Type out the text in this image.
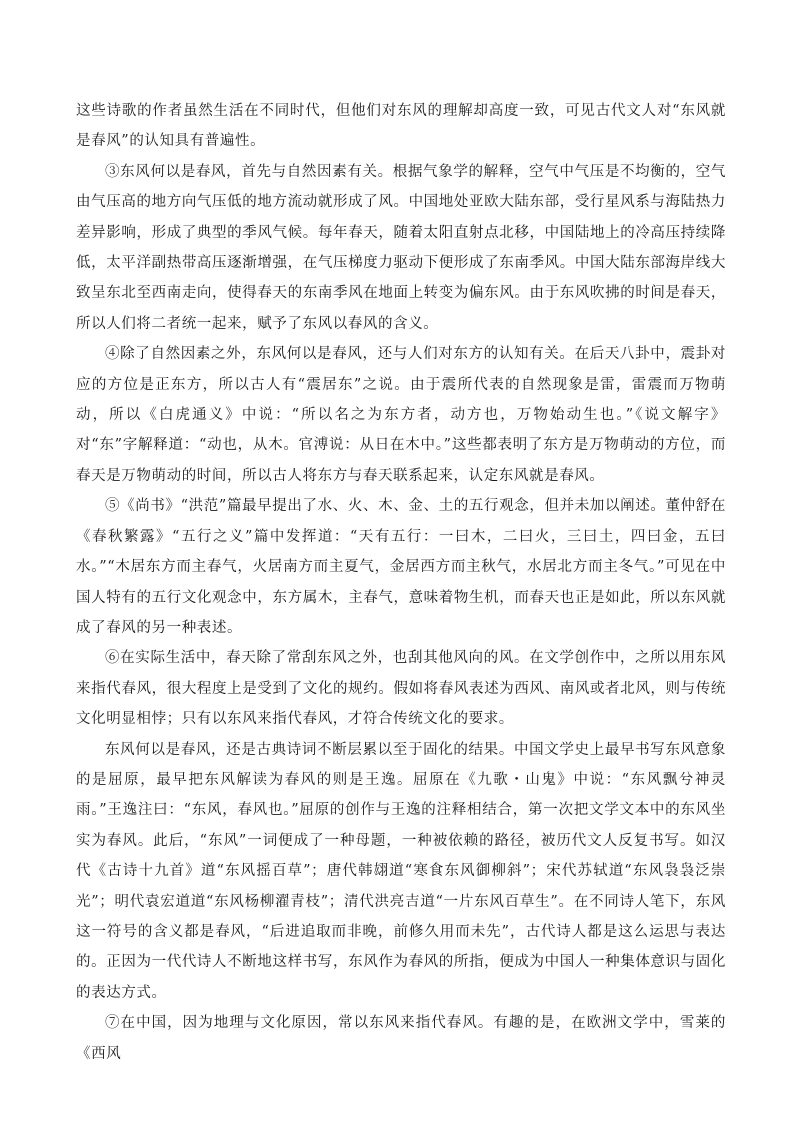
这些诗歌的作者虽然生活在不同时代，但他们对东风的理解却高度一致，可见古代文人对“东风就是春风”的认知具有普遍性。

③东风何以是春风，首先与自然因素有关。根据气象学的解释，空气中气压是不均衡的，空气由气压高的地方向气压低的地方流动就形成了风。中国地处亚欧大陆东部，受行星风系与海陆热力差异影响，形成了典型的季风气候。每年春天，随着太阳直射点北移，中国陆地上的冷高压持续降低，太平洋副热带高压逐渐增强，在气压梯度力驱动下便形成了东南季风。中国大陆东部海岸线大致呈东北至西南走向，使得春天的东南季风在地面上转变为偏东风。由于东风吹拂的时间是春天，所以人们将二者统一起来，赋予了东风以春风的含义。

④除了自然因素之外，东风何以是春风，还与人们对东方的认知有关。在后天八卦中，震卦对应的方位是正东方，所以古人有“震居东”之说。由于震所代表的自然现象是雷，雷震而万物萌动，所以《白虎通义》中说：“所以名之为东方者，动方也，万物始动生也。”《说文解字》对“东”字解释道：“动也，从木。官溥说：从日在木中。”这些都表明了东方是万物萌动的方位，而春天是万物萌动的时间，所以古人将东方与春天联系起来，认定东风就是春风。

⑤《尚书》“洪范”篇最早提出了水、火、木、金、土的五行观念，但并未加以阐述。董仲舒在《春秋繁露》“五行之义”篇中发挥道：“天有五行：一曰木，二曰火，三曰土，四曰金，五曰水。”“木居东方而主春气，火居南方而主夏气，金居西方而主秋气，水居北方而主冬气。”可见在中国人特有的五行文化观念中，东方属木，主春气，意味着物生机，而春天也正是如此，所以东风就成了春风的另一种表述。

⑥在实际生活中，春天除了常刮东风之外，也刮其他风向的风。在文学创作中，之所以用东风来指代春风，很大程度上是受到了文化的规约。假如将春风表述为西风、南风或者北风，则与传统文化明显相悖；只有以东风来指代春风，才符合传统文化的要求。

东风何以是春风，还是古典诗词不断层累以至于固化的结果。中国文学史上最早书写东风意象的是屈原，最早把东风解读为春风的则是王逸。屈原在《九歌・山鬼》中说：“东风飘兮神灵雨。”王逸注曰：“东风，春风也。”屈原的创作与王逸的注释相结合，第一次把文学文本中的东风坐实为春风。此后，“东风”一词便成了一种母题，一种被依赖的路径，被历代文人反复书写。如汉代《古诗十九首》道“东风摇百草”；唐代韩翃道“寒食东风御柳斜”；宋代苏轼道“东风袅袅泛崇光”；明代袁宏道道“东风杨柳濯青枝”；清代洪亮吉道“一片东风百草生”。在不同诗人笔下，东风这一符号的含义都是春风，“后进追取而非晚，前修久用而未先”，古代诗人都是这么运思与表达的。正因为一代代诗人不断地这样书写，东风作为春风的所指，便成为中国人一种集体意识与固化的表达方式。

⑦在中国，因为地理与文化原因，常以东风来指代春风。有趣的是，在欧洲文学中，雪莱的《西风
